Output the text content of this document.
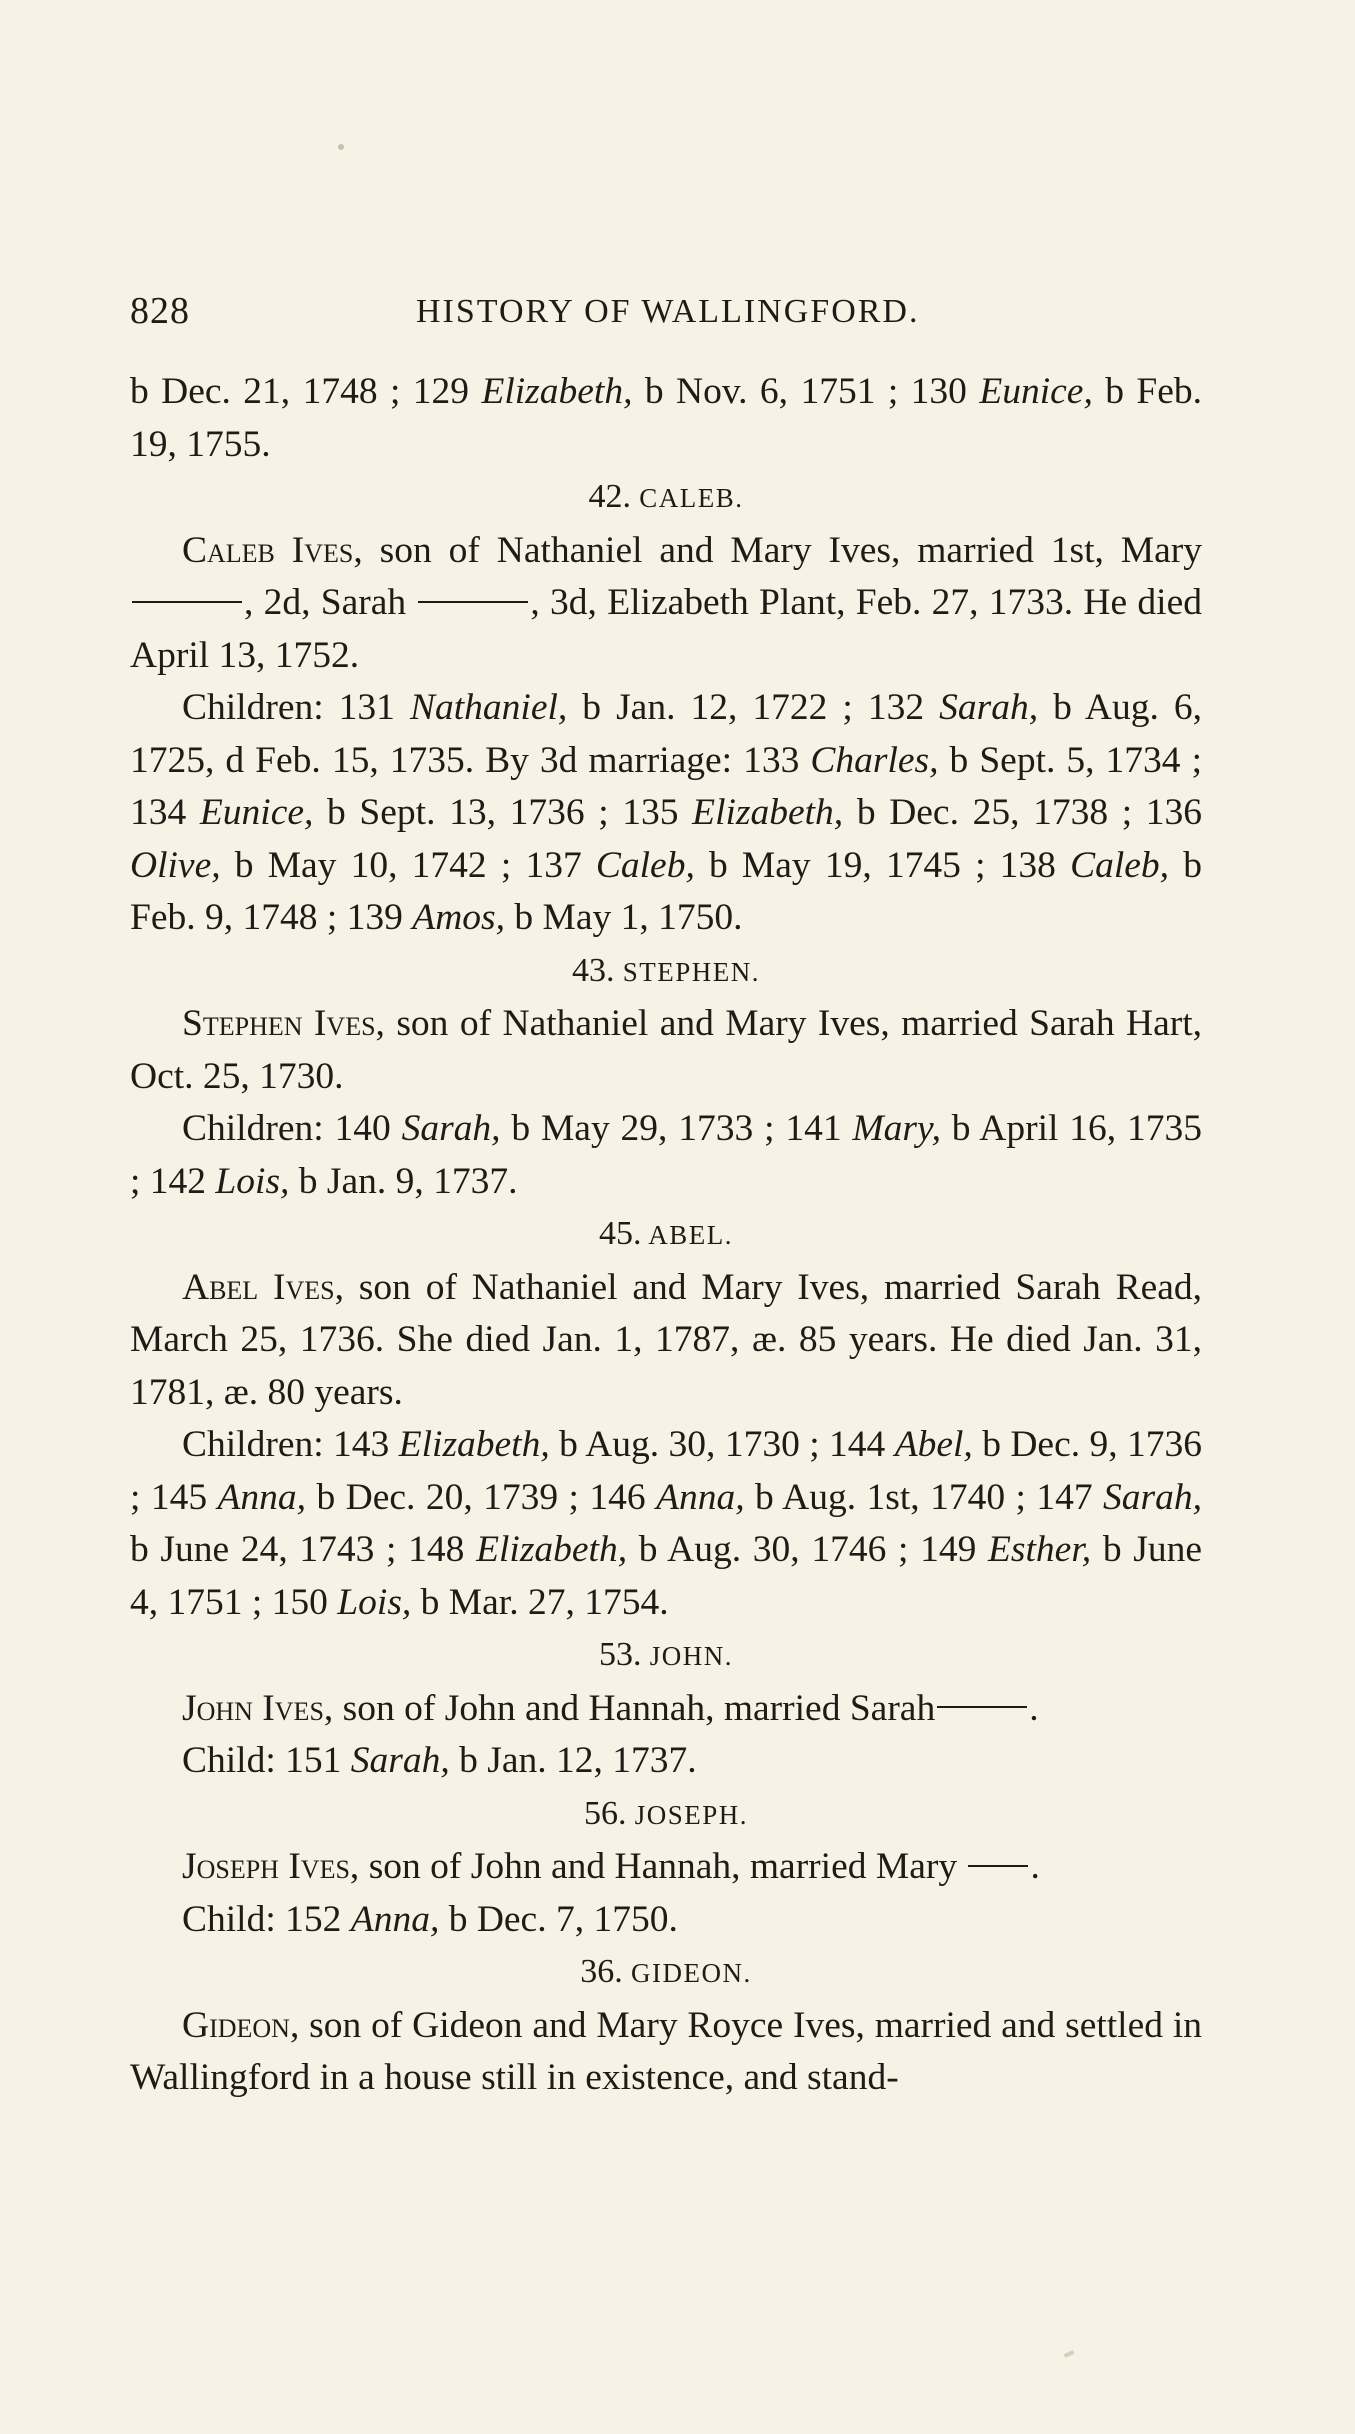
828	HISTORY OF WALLINGFORD.

b Dec. 21, 1748 ; 129 Elizabeth, b Nov. 6, 1751 ; 130 Eunice, b Feb. 19, 1755.

42. CALEB.

Caleb Ives, son of Nathaniel and Mary Ives, married 1st, Mary, 2d, Sarah	, 3d, Elizabeth Plant, Feb. 27, 1733. He died April 13, 1752.

Children: 131 Nathaniel, b Jan. 12, 1722 ; 132 Sarah, b Aug. 6, 1725, d Feb. 15, 1735. By 3d marriage: 133 Charles, b Sept. 5, 1734 ; 134 Eunice, b Sept. 13, 1736 ; 135 Elizabeth, b Dec. 25, 1738 ; 136 Olive, b May 10, 1742 ; 137 Caleb, b May 19, 1745 ; 138 Caleb, b Feb. 9, 1748 ; 139 Amos, b May 1, 1750.

43. STEPHEN.

Stephen Ives, son of Nathaniel and Mary Ives, married Sarah Hart, Oct. 25, 1730.

Children: 140 Sarah, b May 29, 1733 ; 141 Mary, b April 16, 1735 ; 142 Lois, b Jan. 9, 1737.

45. ABEL.

Abel Ives, son of Nathaniel and Mary Ives, married Sarah Read, March 25, 1736. She died Jan. 1, 1787, æ. 85 years. He died Jan. 31, 1781, æ. 80 years.

Children: 143 Elizabeth, b Aug. 30, 1730 ; 144 Abel, b Dec. 9, 1736 ; 145 Anna, b Dec. 20, 1739 ; 146 Anna, b Aug. 1st, 1740 ; 147 Sarah, b June 24, 1743 ; 148 Elizabeth, b Aug. 30, 1746 ; 149 Esther, b June 4, 1751 ; 150 Lois, b Mar. 27, 1754.

53. JOHN.

John Ives, son of John and Hannah, married Sarah	.

Child: 151 Sarah, b Jan. 12, 1737.

56. JOSEPH.

Joseph Ives, son of John and Hannah, married Mary .

Child: 152 Anna, b Dec. 7, 1750.

36. GIDEON.

Gideon, son of Gideon and Mary Royce Ives, married and settled in Wallingford in a house still in existence, and stand-
